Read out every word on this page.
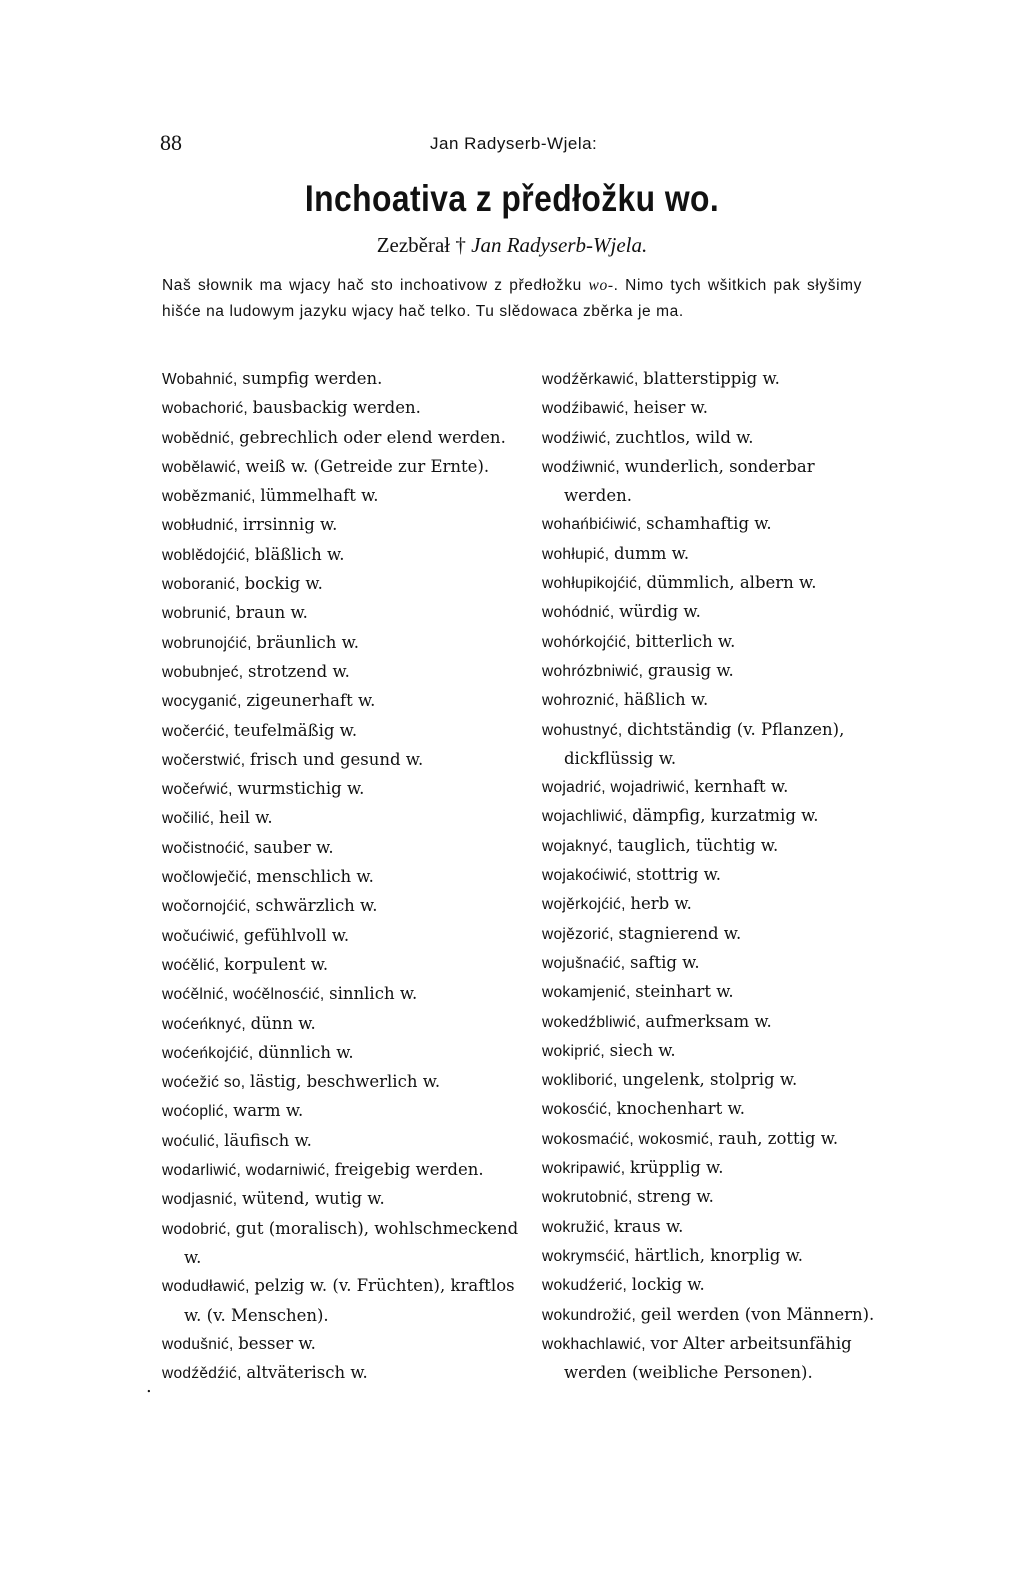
88	Jan Radyserb-Wjela:
Inchoativa z předłožku wo.
Zezběrał † Jan Radyserb-Wjela.
Naš słownik ma wjacy hač sto inchoativow z předłožku wo-. Nimo tych wšitkich pak słyšimy hišće na ludowym jazyku wjacy hač telko. Tu slědowaca zběrka je ma.
Wobahnić, sumpfig werden.
wobachorić, bausbackig werden.
wobědnić, gebrechlich oder elend werden.
wobělawić, weiß w. (Getreide zur Ernte).
wobězmanić, lümmelhaft w.
wobłudnić, irrsinnig w.
woblědojćić, bläßlich w.
woboranić, bockig w.
wobrunić, braun w.
wobrunojćić, bräunlich w.
wobubnjeć, strotzend w.
wocyganić, zigeunerhaft w.
wočerćić, teufelmäßig w.
wočerstwić, frisch und gesund w.
wočeŕwić, wurmstichig w.
wočilić, heil w.
wočistnoćić, sauber w.
wočlowječić, menschlich w.
wočornojćić, schwärzlich w.
wočućiwić, gefühlvoll w.
woćělić, korpulent w.
woćělnić, woćělnosćić, sinnlich w.
woćeńknyć, dünn w.
woćeńkojćić, dünnlich w.
woćežić so, lästig, beschwerlich w.
woćoplić, warm w.
woćulić, läufisch w.
wodarliwić, wodarniwić, freigebig werden.
wodjasnić, wütend, wutig w.
wodobrić, gut (moralisch), wohlschmeckend w.
wodudławić, pelzig w. (v. Früchten), kraftlos w. (v. Menschen).
wodušnić, besser w.
wodźědźić, altväterisch w.
wodźěrkawić, blatterstippig w.
wodźibawić, heiser w.
wodźiwić, zuchtlos, wild w.
wodźiwnić, wunderlich, sonderbar werden.
wohańbićiwić, schamhaftig w.
wohłupić, dumm w.
wohłupikojćić, dümmlich, albern w.
wohódnić, würdig w.
wohórkojćić, bitterlich w.
wohrózbniwić, grausig w.
wohroznić, häßlich w.
wohustnyć, dichtständig (v. Pflanzen), dickflüssig w.
wojadrić, wojadriwić, kernhaft w.
wojachliwić, dämpfig, kurzatmig w.
wojaknyć, tauglich, tüchtig w.
wojakoćiwić, stottrig w.
wojěrkojćić, herb w.
wojězorić, stagnierend w.
wojušnaćić, saftig w.
wokamjenić, steinhart w.
wokedźbliwić, aufmerksam w.
wokiprić, siech w.
wokliborić, ungelenk, stolprig w.
wokosćić, knochenhart w.
wokosmaćić, wokosmić, rauh, zottig w.
wokripawić, krüpplig w.
wokrutobnić, streng w.
wokružić, kraus w.
wokrymsćić, härtlich, knorplig w.
wokudźerić, lockig w.
wokundrožić, geil werden (von Männern).
wokhachlawić, vor Alter arbeitsunfähig werden (weibliche Personen).
.
